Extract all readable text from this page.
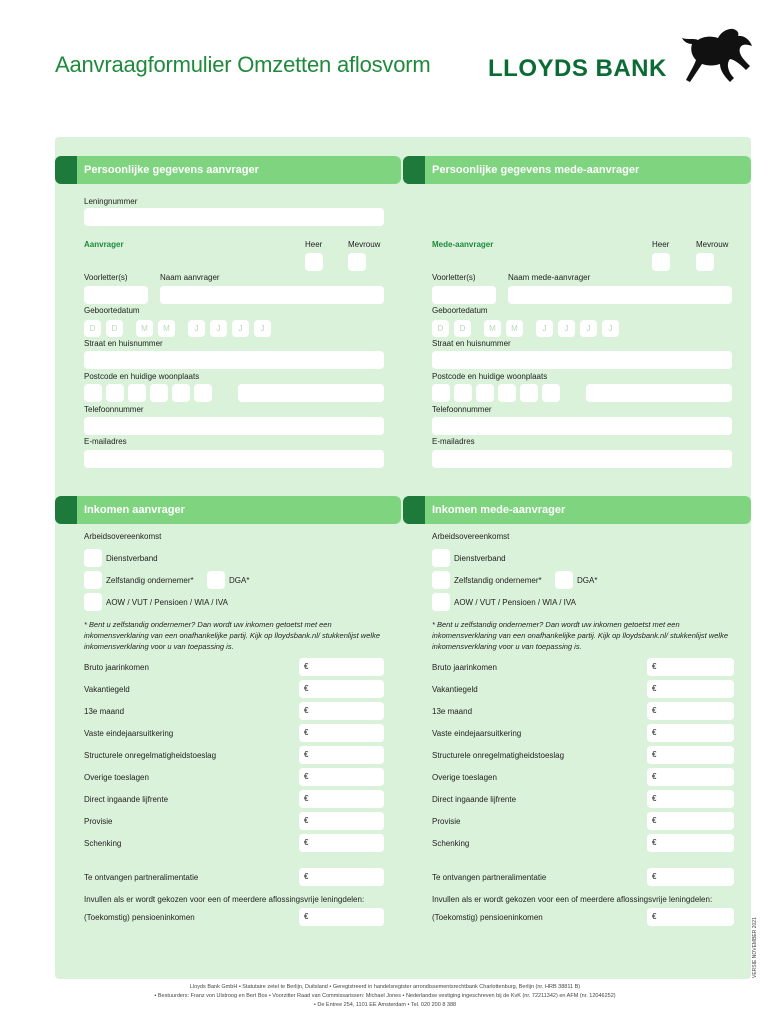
Aanvraagformulier Omzetten aflosvorm LLOYDS BANK
Persoonlijke gegevens aanvrager	Persoonlijke gegevens mede-aanvrager
Leningnummer
Aanvrager	Heer	Mevrouw
Voorletter(s)	Naam aanvrager
Geboortedatum
D	D	M	M	J	J	J	J
Straat en huisnummer
Postcode en huidige woonplaats
Telefoonnummer
E-mailadres
Mede-aanvrager	Heer	Mevrouw
Voorletter(s)	Naam mede-aanvrager
Geboortedatum
D	D	M	M	J	J	J	J
Straat en huisnummer
Postcode en huidige woonplaats
Telefoonnummer
E-mailadres
Inkomen aanvrager	Inkomen mede-aanvrager
Arbeidsovereenkomst
Dienstverband
Zelfstandig ondernemer*	DGA*
AOW / VUT / Pensioen / WIA / IVA
* Bent u zelfstandig ondernemer? Dan wordt uw inkomen getoetst met een inkomensverklaring van een onafhankelijke partij. Kijk op lloydsbank.nl/ stukkenlijst welke inkomensverklaring voor u van toepassing is.
Arbeidsovereenkomst
Dienstverband
Zelfstandig ondernemer*	DGA*
AOW / VUT / Pensioen / WIA / IVA
* Bent u zelfstandig ondernemer? Dan wordt uw inkomen getoetst met een inkomensverklaring van een onafhankelijke partij. Kijk op lloydsbank.nl/ stukkenlijst welke inkomensverklaring voor u van toepassing is.
Bruto jaarinkomen	€
Vakantiegeld	€
13e maand	€
Vaste eindejaarsuitkering	€
Structurele onregelmatigheidstoeslag	€
Overige toeslagen	€
Direct ingaande lijfrente	€
Provisie	€
Schenking	€
Te ontvangen partneralimentatie	€
Invullen als er wordt gekozen voor een of meerdere aflossingsvrije leningdelen:
(Toekomstig) pensioeninkomen	€
Bruto jaarinkomen	€
Vakantiegeld	€
13e maand	€
Vaste eindejaarsuitkering	€
Structurele onregelmatigheidstoeslag	€
Overige toeslagen	€
Direct ingaande lijfrente	€
Provisie	€
Schenking	€
Te ontvangen partneralimentatie	€
Invullen als er wordt gekozen voor een of meerdere aflossingsvrije leningdelen:
(Toekomstig) pensioeninkomen	€
VERSIE NOVEMBER 2021
Lloyds Bank GmbH • Statutaire zetel te Berlijn, Duitsland • Geregistreerd in handelsregister arrondissementsrechtbank Charlottenburg, Berlijn (nr. HRB 38811 B)
• Bestuurders: Franz von Ulstroog en Bert Bos • Voorzitter Raad van Commissarissen: Michael Jones • Nederlandse vestiging ingeschreven bij de KvK (nr. 72211342) en AFM (nr. 12046252)
• De Entree 254, 1101 EE Amsterdam • Tel. 020 200 8 388
